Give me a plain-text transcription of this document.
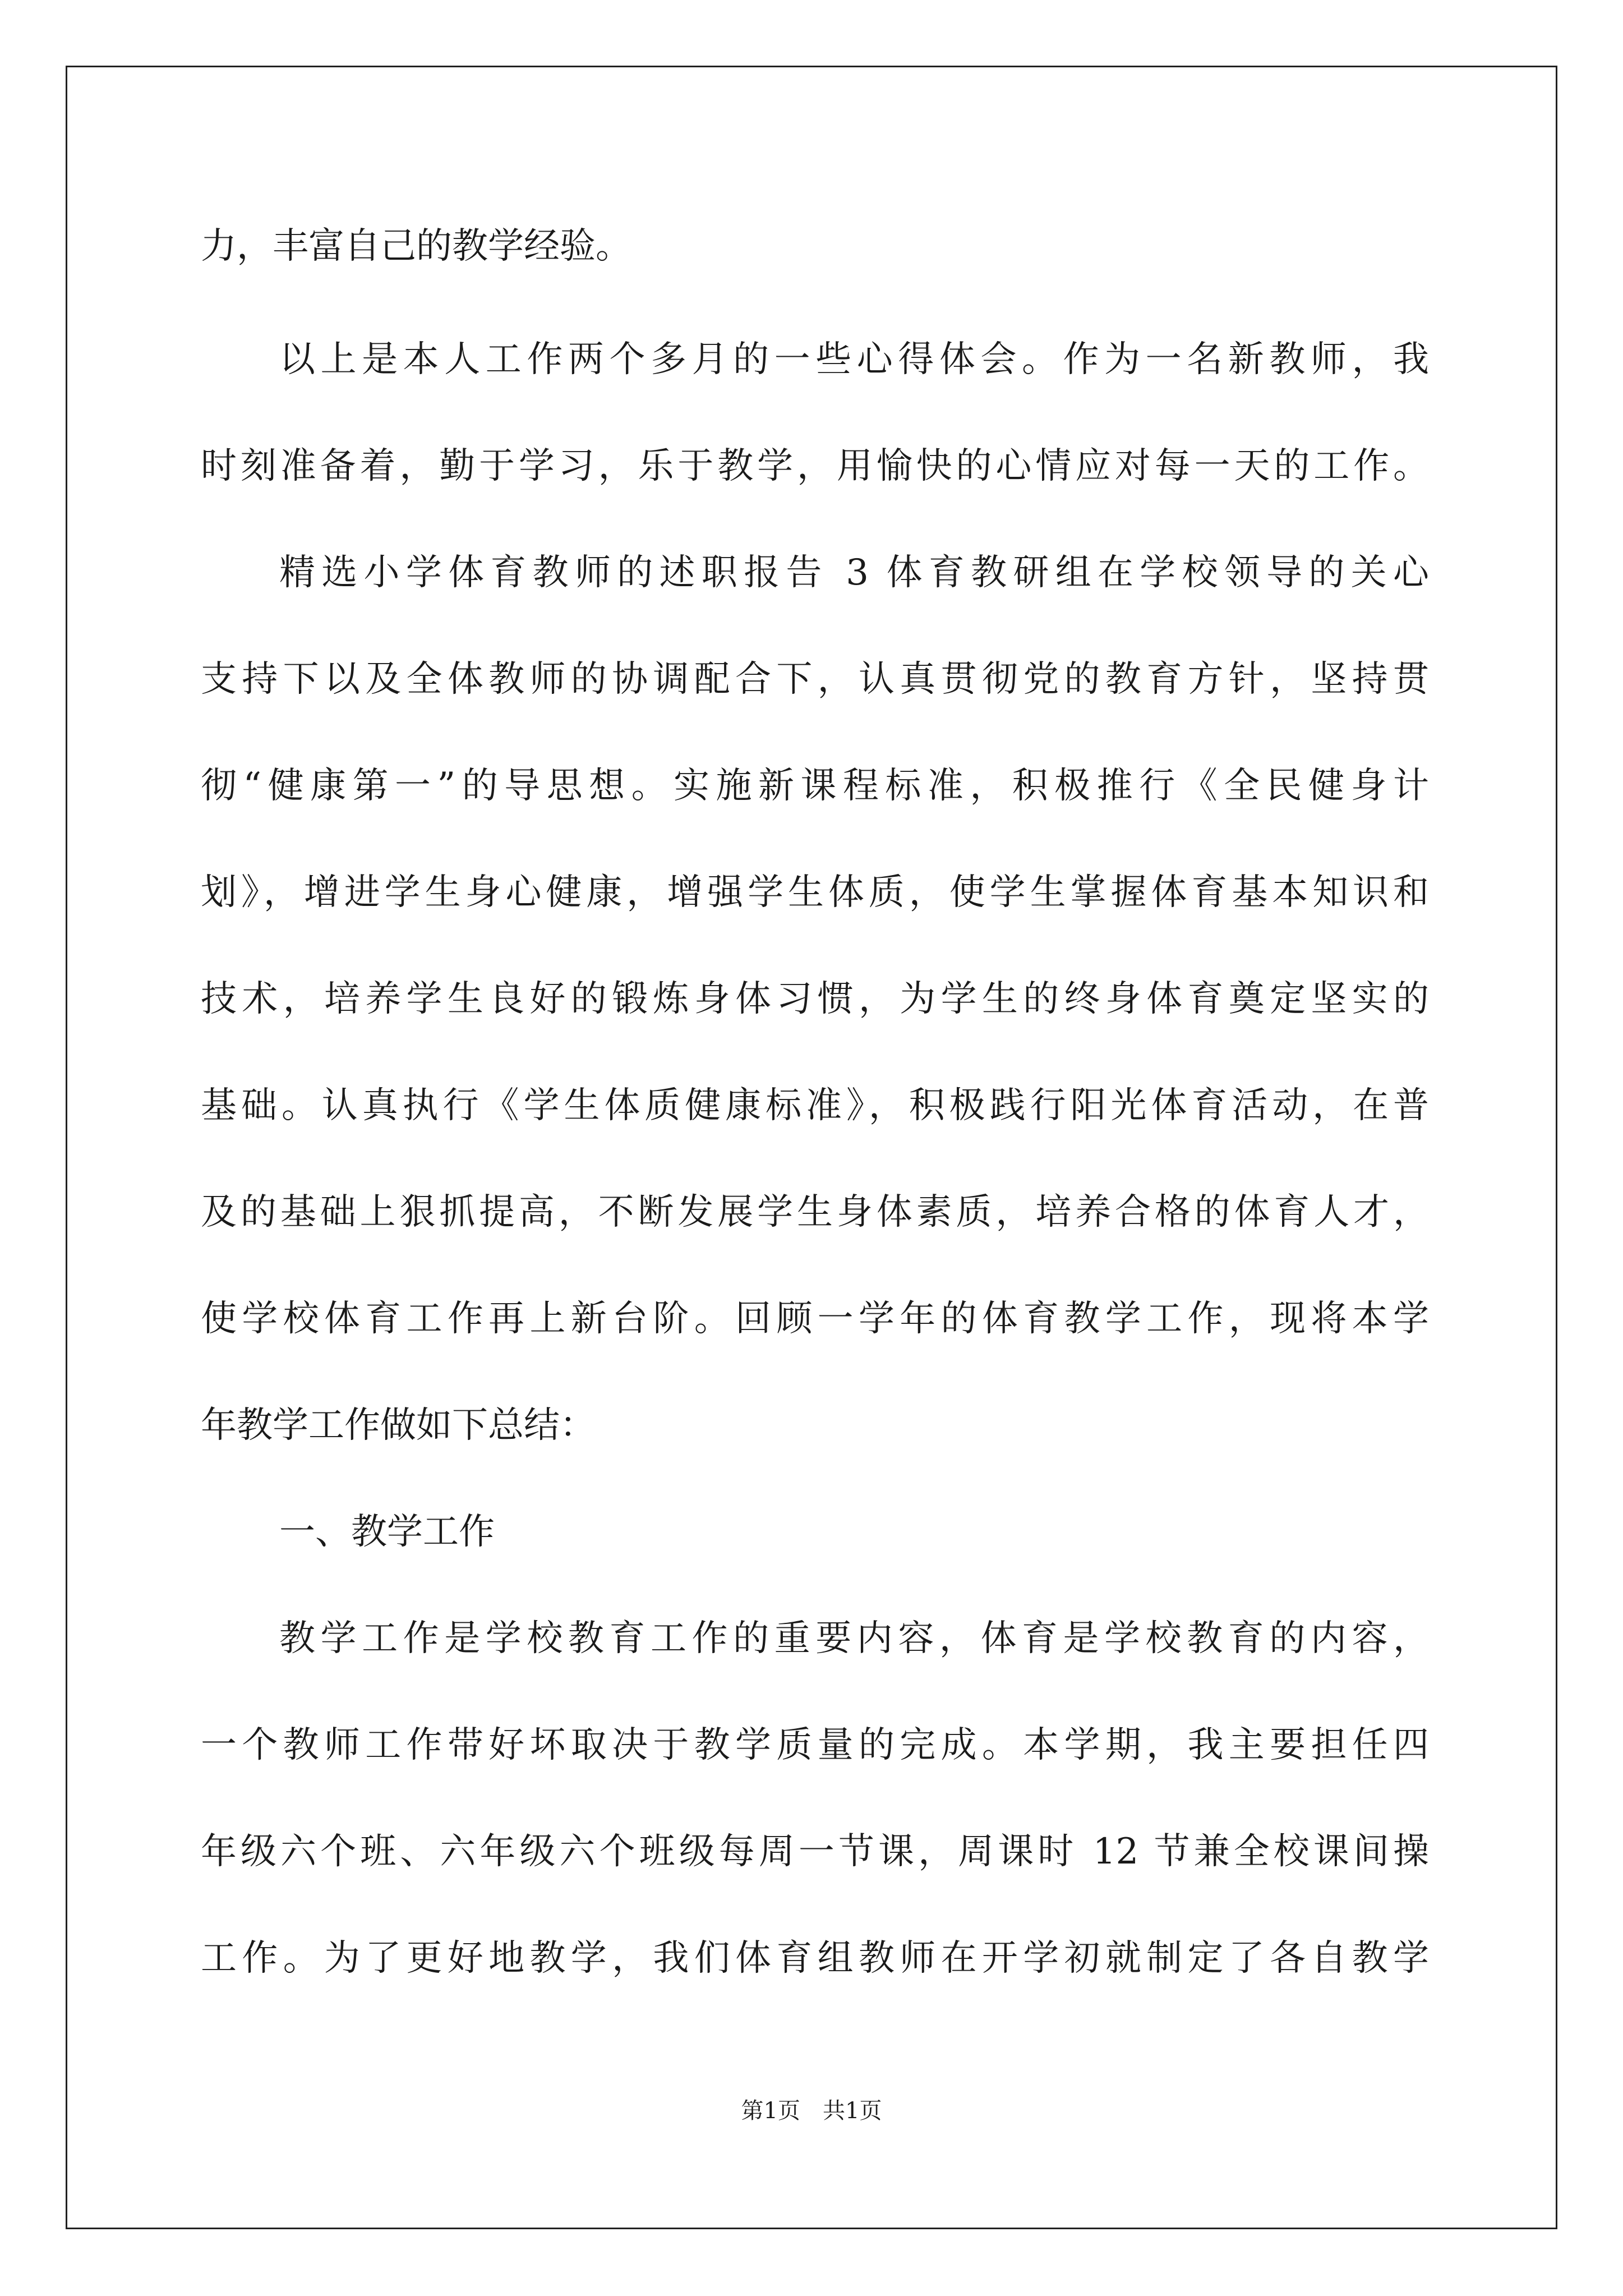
力，丰富自己的教学经验。
以上是本人工作两个多月的一些心得体会。作为一名新教师，我
时刻准备着，勤于学习，乐于教学，用愉快的心情应对每一天的工作。
精选小学体育教师的述职报告 3 体育教研组在学校领导的关心
支持下以及全体教师的协调配合下，认真贯彻党的教育方针，坚持贯
彻“健康第一”的导思想。实施新课程标准，积极推行《全民健身计
划》，增进学生身心健康，增强学生体质，使学生掌握体育基本知识和
技术，培养学生良好的锻炼身体习惯，为学生的终身体育奠定坚实的
基础。认真执行《学生体质健康标准》，积极践行阳光体育活动，在普
及的基础上狠抓提高，不断发展学生身体素质，培养合格的体育人才，
使学校体育工作再上新台阶。回顾一学年的体育教学工作，现将本学
年教学工作做如下总结：
一、教学工作
教学工作是学校教育工作的重要内容，体育是学校教育的内容，
一个教师工作带好坏取决于教学质量的完成。本学期，我主要担任四
年级六个班、六年级六个班级每周一节课，周课时 12 节兼全校课间操
工作。为了更好地教学，我们体育组教师在开学初就制定了各自教学
第1页　共1页
